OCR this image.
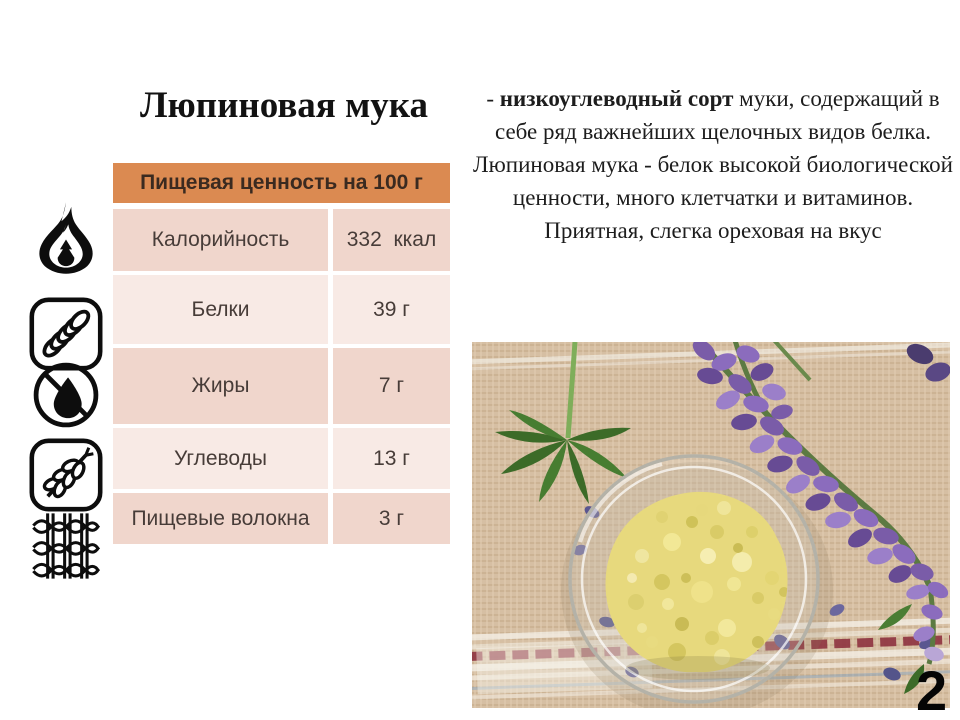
Люпиновая мука	- низкоуглеводный сорт муки, содержащий в себе ряд важнейших щелочных видов белка. Люпиновая мука - белок высокой биологической ценности, много клетчатки и витаминов. Приятная, слегка ореховая на вкус
Пищевая ценность на 100 г
Калорийность	332  ккал
Белки	39 г
Жиры	7 г
Углеводы	13 г
Пищевые волокна	3 г
2
